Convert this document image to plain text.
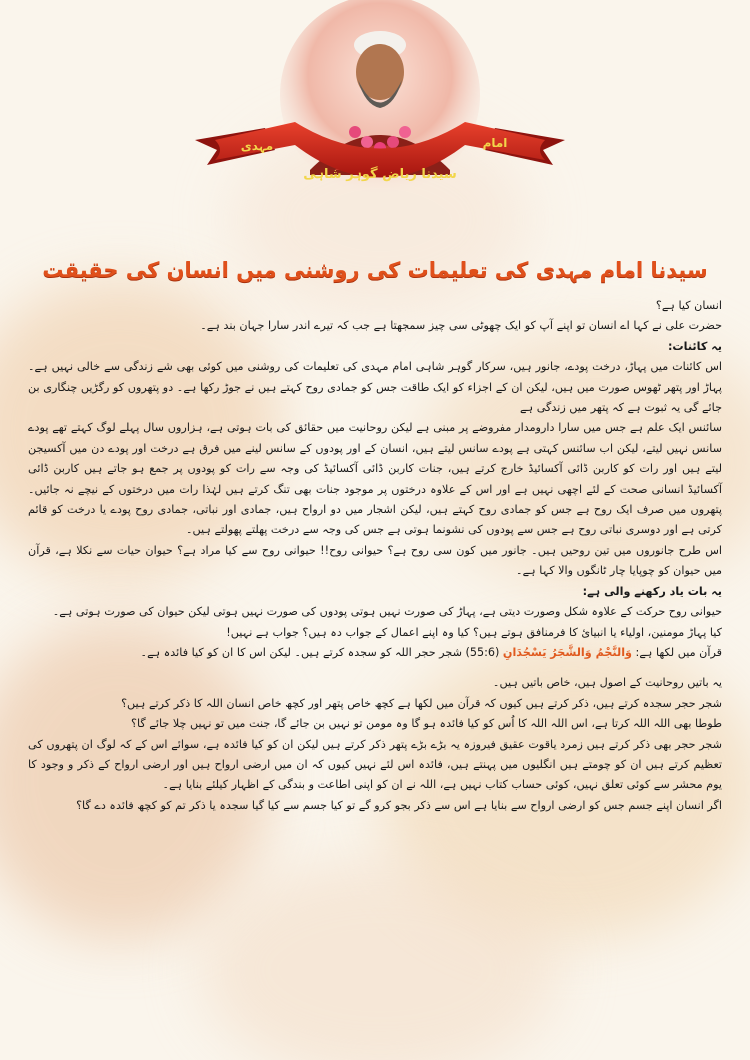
امام
مہدی
سیدنا ریاض گوہر شاہی
سیدنا امام مہدی کی تعلیمات کی روشنی میں انسان کی حقیقت

انسان کیا ہے؟

حضرت علی نے کہا اے انسان تو اپنے آپ کو ایک چھوٹی سی چیز سمجھتا ہے جب کہ تیرے اندر سارا جہان بند ہے۔

یہ کائنات:

اس کائنات میں پہاڑ، درخت پودے، جانور ہیں، سرکار گوہر شاہی امام مہدی کی تعلیمات کی روشنی میں کوئی بھی شے زندگی سے خالی نہیں ہے۔ پہاڑ اور پتھر ٹھوس صورت میں ہیں، لیکن ان کے اجزاء کو ایک طاقت جس کو جمادی روح کہتے ہیں نے جوڑ رکھا ہے۔ دو پتھروں کو رگڑیں چنگاری بن جائے گی یہ ثبوت ہے کہ پتھر میں زندگی ہے

سائنس ایک علم ہے جس میں سارا دارومدار مفروضے پر مبنی ہے لیکن روحانیت میں حقائق کی بات ہوتی ہے، ہزاروں سال پہلے لوگ کہتے تھے پودے سانس نہیں لیتے، لیکن اب سائنس کہتی ہے پودے سانس لیتے ہیں، انسان کے اور پودوں کے سانس لینے میں فرق ہے درخت اور پودے دن میں آکسیجن لیتے ہیں اور رات کو کاربن ڈائی آکسائیڈ خارج کرتے ہیں، جنات کاربن ڈائی آکسائیڈ کی وجہ سے رات کو پودوں پر جمع ہو جاتے ہیں کاربن ڈائی آکسائیڈ انسانی صحت کے لئے اچھی نہیں ہے اور اس کے علاوہ درختوں پر موجود جنات بھی تنگ کرتے ہیں لہٰذا رات میں درختوں کے نیچے نہ جائیں۔ پتھروں میں صرف ایک روح ہے جس کو جمادی روح کہتے ہیں، لیکن اشجار میں دو ارواح ہیں، جمادی اور نباتی، جمادی روح پودے یا درخت کو قائم کرتی ہے اور دوسری نباتی روح ہے جس سے پودوں کی نشونما ہوتی ہے جس کی وجہ سے درخت پھلتے پھولتے ہیں۔

اس طرح جانوروں میں تین روحیں ہیں۔ جانور میں کون سی روح ہے؟ حیوانی روح!! حیوانی روح سے کیا مراد ہے؟ حیوان حیات سے نکلا ہے، قرآن میں حیوان کو چوپایا چار ٹانگوں والا کہا ہے۔

یہ بات یاد رکھنے والی ہے:

حیوانی روح حرکت کے علاوہ شکل وصورت دیتی ہے، پہاڑ کی صورت نہیں ہوتی پودوں کی صورت نہیں ہوتی لیکن حیوان کی صورت ہوتی ہے۔

کیا پہاڑ مومنین، اولیاء یا انبیائ کا فرمنافق ہوتے ہیں؟ کیا وہ اپنے اعمال کے جواب دہ ہیں؟ جواب ہے نہیں!

قرآن میں لکھا ہے: وَالنَّجْمُ وَالشَّجَرُ يَسْجُدَانِ (55:6) شجر حجر اللہ کو سجدہ کرتے ہیں۔ لیکن اس کا ان کو کیا فائدہ ہے۔

یہ باتیں روحانیت کے اصول ہیں، خاص باتیں ہیں۔

شجر حجر سجدہ کرتے ہیں، ذکر کرتے ہیں کیوں کہ قرآن میں لکھا ہے کچھ خاص پتھر اور کچھ خاص انسان اللہ کا ذکر کرتے ہیں؟

طوطا بھی اللہ اللہ کرتا ہے، اس اللہ اللہ کا اُس کو کیا فائدہ ہو گا وہ مومن تو نہیں بن جائے گا، جنت میں تو نہیں چلا جائے گا؟

شجر حجر بھی ذکر کرتے ہیں زمرد یاقوت عقیق فیروزہ یہ بڑے بڑے پتھر ذکر کرتے ہیں لیکن ان کو کیا فائدہ ہے، سوائے اس کے کہ لوگ ان پتھروں کی تعظیم کرتے ہیں ان کو چومتے ہیں انگلیوں میں پہنتے ہیں، فائدہ اس لئے نہیں کیوں کہ ان میں ارضی ارواح ہیں اور ارضی ارواح کے ذکر و وجود کا یوم محشر سے کوئی تعلق نہیں، کوئی حساب کتاب نہیں ہے، اللہ نے ان کو اپنی اطاعت و بندگی کے اظہار کیلئے بنایا ہے۔

اگر انسان اپنے جسم جس کو ارضی ارواح سے بنایا ہے اس سے ذکر بجو کرو گے تو کیا جسم سے کیا گیا سجدہ یا ذکر تم کو کچھ فائدہ دے گا؟
